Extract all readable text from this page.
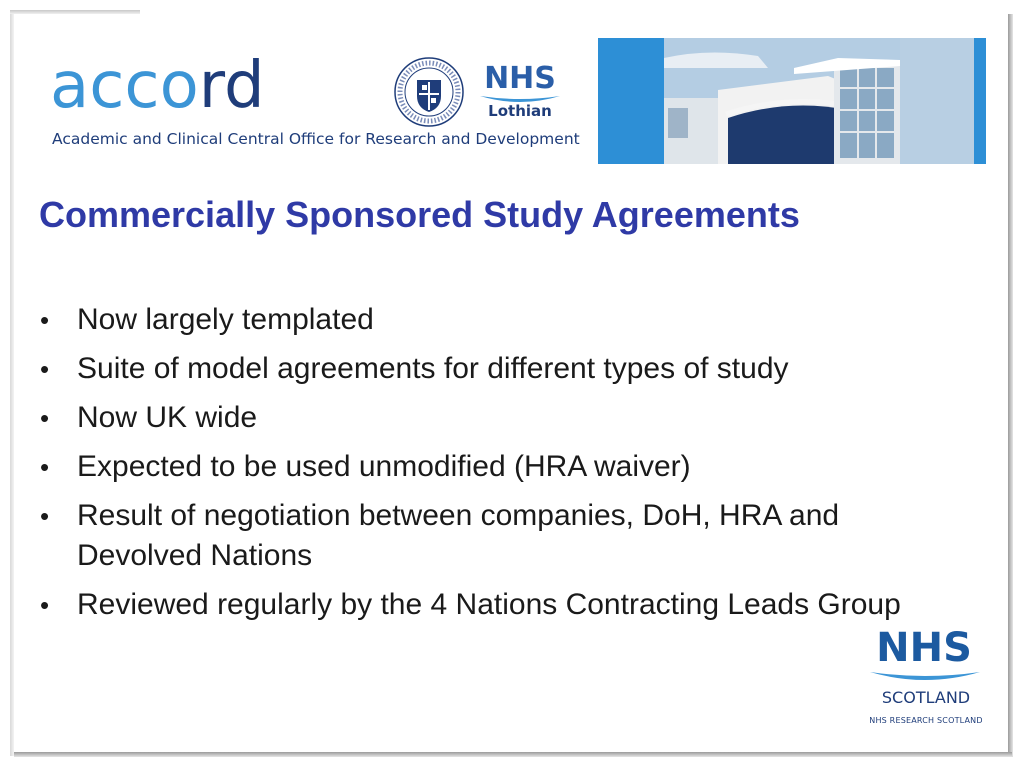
accord
Academic and Clinical Central Office for Research and Development
NHS
Lothian
Commercially Sponsored Study Agreements
• Now largely templated
• Suite of model agreements for different types of study
• Now UK wide
• Expected to be used unmodified (HRA waiver)
• Result of negotiation between companies, DoH, HRA and Devolved Nations
• Reviewed regularly by the 4 Nations Contracting Leads Group
NHS
SCOTLAND
NHS RESEARCH SCOTLAND
